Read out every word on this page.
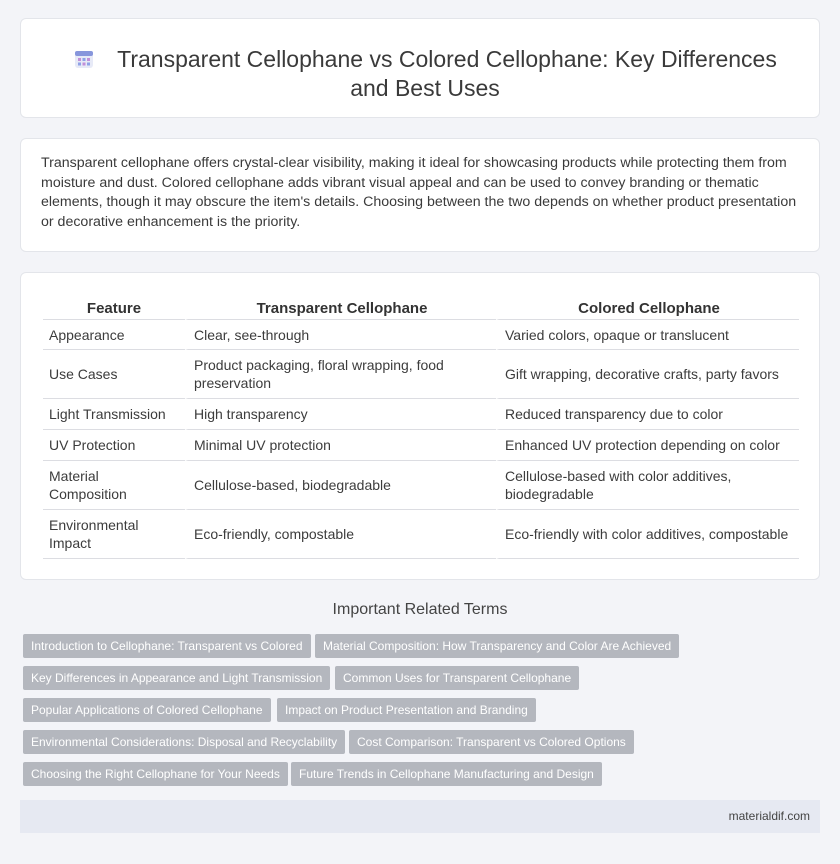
Transparent Cellophane vs Colored Cellophane: Key Differences and Best Uses

Transparent cellophane offers crystal-clear visibility, making it ideal for showcasing products while protecting them from moisture and dust. Colored cellophane adds vibrant visual appeal and can be used to convey branding or thematic elements, though it may obscure the item's details. Choosing between the two depends on whether product presentation or decorative enhancement is the priority.

Feature	Transparent Cellophane	Colored Cellophane
Appearance	Clear, see-through	Varied colors, opaque or translucent
Use Cases	Product packaging, floral wrapping, food preservation	Gift wrapping, decorative crafts, party favors
Light Transmission	High transparency	Reduced transparency due to color
UV Protection	Minimal UV protection	Enhanced UV protection depending on color
Material Composition	Cellulose-based, biodegradable	Cellulose-based with color additives, biodegradable
Environmental Impact	Eco-friendly, compostable	Eco-friendly with color additives, compostable
Important Related Terms
Introduction to Cellophane: Transparent vs Colored	Material Composition: How Transparency and Color Are Achieved
Key Differences in Appearance and Light Transmission	Common Uses for Transparent Cellophane
Popular Applications of Colored Cellophane	Impact on Product Presentation and Branding
Environmental Considerations: Disposal and Recyclability	Cost Comparison: Transparent vs Colored Options
Choosing the Right Cellophane for Your Needs	Future Trends in Cellophane Manufacturing and Design
materialdif.com
